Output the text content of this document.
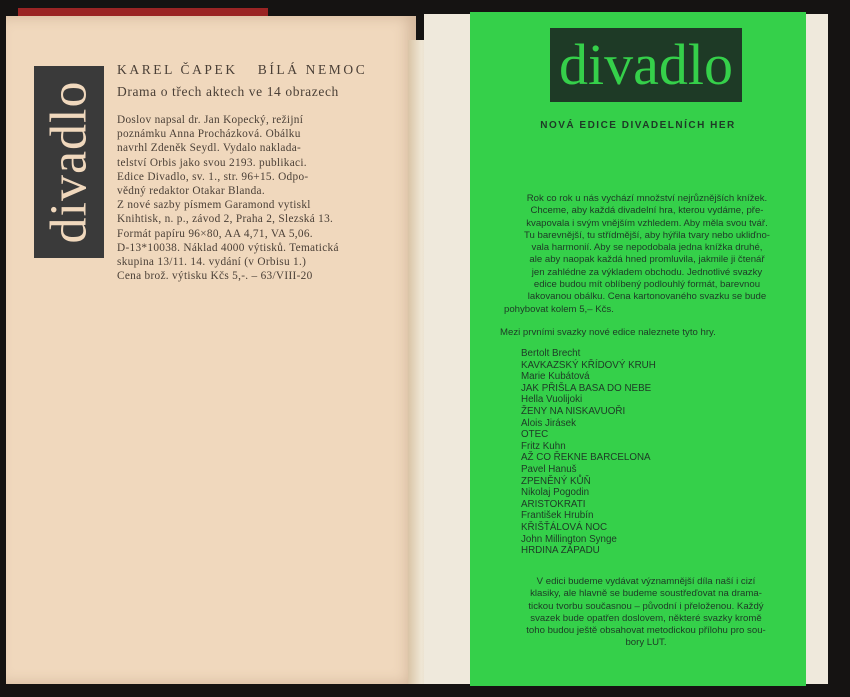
divadlo
KAREL ČAPEK BÍLÁ NEMOC
Drama o třech aktech ve 14 obrazech
Doslov napsal dr. Jan Kopecký, režijní
poznámku Anna Procházková. Obálku
navrhl Zdeněk Seydl. Vydalo naklada-
telství Orbis jako svou 2193. publikaci.
Edice Divadlo, sv. 1., str. 96+15. Odpo-
vědný redaktor Otakar Blanda.
Z nové sazby písmem Garamond vytiskl
Knihtisk, n. p., závod 2, Praha 2, Slezská 13.
Formát papíru 96×80, AA 4,71, VA 5,06.
D-13*10038. Náklad 4000 výtisků. Tematická
skupina 13/11. 14. vydání (v Orbisu 1.)
Cena brož. výtisku Kčs 5,-. – 63/VIII-20
divadlo
NOVÁ EDICE DIVADELNÍCH HER
Rok co rok u nás vychází množství nejrůznějších knížek.
Chceme, aby každá divadelní hra, kterou vydáme, pře-
kvapovala i svým vnějším vzhledem. Aby měla svou tvář.
Tu barevnější, tu střídmější, aby hýřila tvary nebo ukliďno-
vala harmonií. Aby se nepodobala jedna knížka druhé,
ale aby naopak každá hned promluvila, jakmile ji čtenář
jen zahlédne za výkladem obchodu. Jednotlivé svazky
edice budou mít oblíbený podlouhlý formát, barevnou
lakovanou obálku. Cena kartonovaného svazku se bude
pohybovat kolem 5,– Kčs.
Mezi prvními svazky nové edice naleznete tyto hry.
Bertolt Brecht
KAVKAZSKÝ KŘÍDOVÝ KRUH
Marie Kubátová
JAK PŘIŠLA BASA DO NEBE
Hella Vuolijoki
ŽENY NA NISKAVUOŘI
Alois Jirásek
OTEC
Fritz Kuhn
AŽ CO ŘEKNE BARCELONA
Pavel Hanuš
ZPENĚNÝ KŮŇ
Nikolaj Pogodin
ARISTOKRATI
František Hrubín
KŘIŠŤÁLOVÁ NOC
John Millington Synge
HRDINA ZÁPADU
V edici budeme vydávat významnější díla naší i cizí
klasiky, ale hlavně se budeme soustřeďovat na drama-
tickou tvorbu současnou – původní i přeloženou. Každý
svazek bude opatřen doslovem, některé svazky kromě
toho budou ještě obsahovat metodickou přílohu pro sou-
bory LUT.
